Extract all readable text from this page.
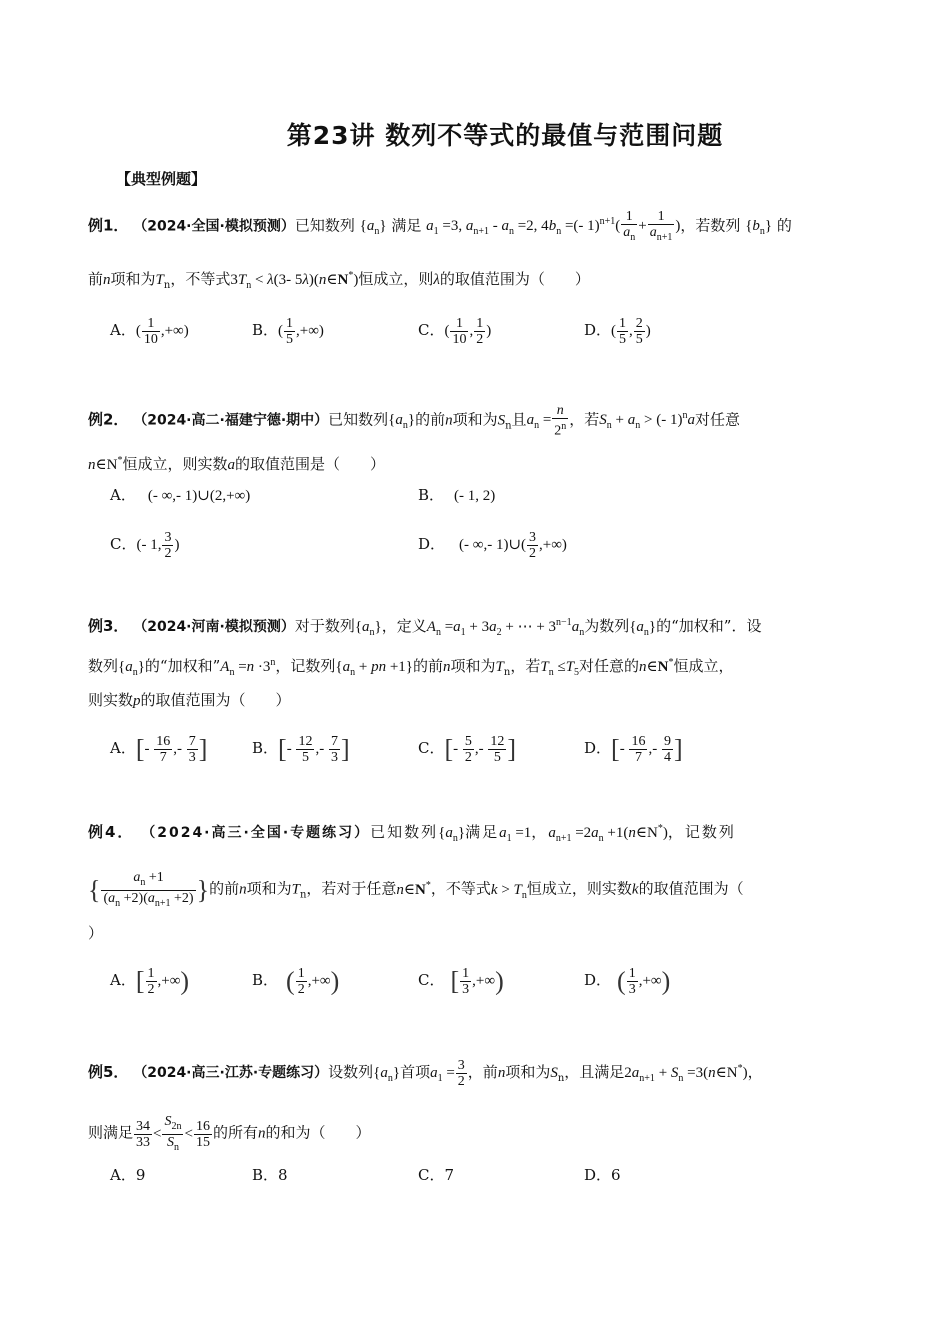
第23讲 数列不等式的最值与范围问题
【典型例题】
例1． （2024·全国·模拟预测）已知数列 $\{a_n\}$ 满足 $a_1 =3$, $a_{n+1} - a_n =2$, $4b_n$ =(- $1)^{n+1}( \frac{1}{a_n} + \frac{1}{a_{n+1}}$ )，若数列 $\{b_n\}$ 的
前n项和为$T_n$，不等式$3T_n < \lambda(3-$ 5λ)(n∈N*)恒成立，则λ的取值范围为（　　）
A．( $\frac{1}{10}$ ,+∞)	B．( $\frac{1}{5}$ ,+∞)	C．( $\frac{1}{10}$ , $\frac{1}{2}$ )	D．( $\frac{1}{5}$ , $\frac{2}{5}$ )
例2． （2024·高二·福建宁德·期中）已知数列$\{a_n\}$的前n项和为$S_n$且$a_n = \frac{n}{2^n}$ ，若$S_n + a_n$ > (- 1)$^n$a对任意
n∈N*恒成立，则实数a的取值范围是（　　）
A． (- ∞,- 1)∪(2,+∞)	B． (- 1, 2)
C．(- 1, $\frac{3}{2}$ )	D． (- ∞,- 1)∪( $\frac{3}{2}$ ,+∞)
例3． （2024·河南·模拟预测）对于数列$\{a_n\}$，定义$A_n =a_1 + 3a_2$ + ⋯ + $3^{n-1}a_n$为数列$\{a_n\}$的“加权和”．设
数列$\{a_n\}$的“加权和$”A_n =n \cdot 3^n$，记数列{$a_n$ + pn +1}的前n项和为$T_n$，若$T_n \le T_5$对任意的n∈N*恒成立，
则实数p的取值范围为（　　）
A．[- $\frac{16}{7}$ ,- $\frac{7}{3}$ ]	B．[- $\frac{12}{5}$ ,- $\frac{7}{3}$ ]	C．[- $\frac{5}{2}$ ,- $\frac{12}{5}$ ]	D．[- $\frac{16}{7}$ ,- $\frac{9}{4}$ ]
例4． （2024·高三·全国·专题练习）已知数列$\{a_n\}$满足$a_1 =1$，$a_{n+1} =2a_n$ +1(n∈N*)，记数列
{ $\frac{a_n +1}{(a_n +2)(a_{n+1} +2)}$ }的前n项和为$T_n$，若对于任意n∈N*，不等式$k > T_n$恒成立，则实数k的取值范围为（
）
A．[ $\frac{1}{2}$ ,+∞)	B． ( $\frac{1}{2}$ ,+∞)	C． [ $\frac{1}{3}$ ,+∞)	D． ( $\frac{1}{3}$ ,+∞)
例5． （2024·高三·江苏·专题练习）设数列$\{a_n\}$首项$a_1 = \frac{3}{2}$ ，前n项和为$S_n$，且满足$2a_{n+1} + S_n$ =3(n∈N*)，
则满足 $\frac{34}{33} < \frac{S_{2n}}{S_n} < \frac{16}{15}$ 的所有n的和为（　　）
A．9	B．8	C．7	D．6
